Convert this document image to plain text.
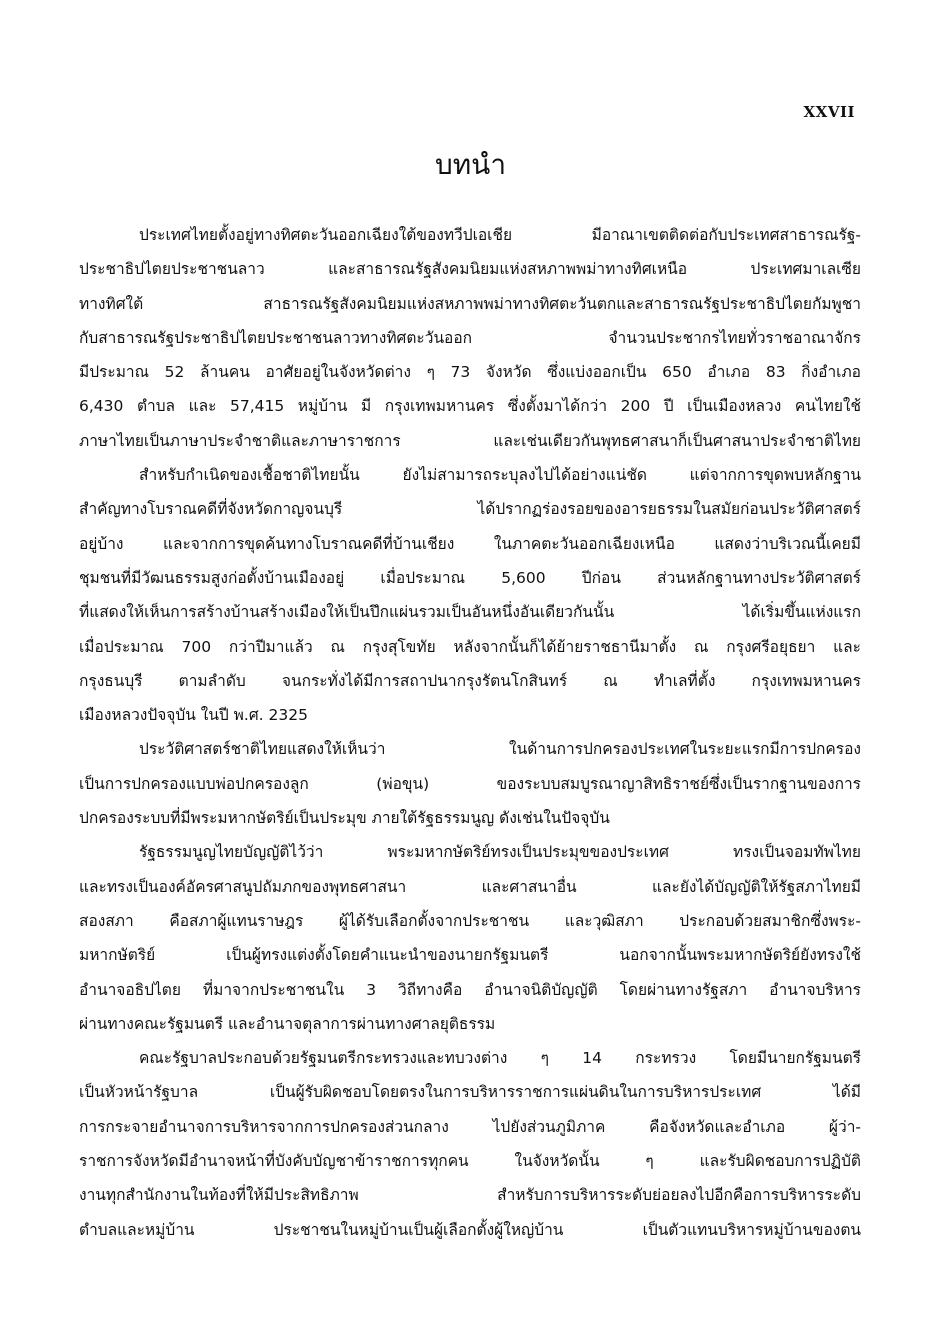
XXVII
บทนำ
ประเทศไทยตั้งอยู่ทางทิศตะวันออกเฉียงใต้ของทวีปเอเชีย มีอาณาเขตติดต่อกับประเทศสาธารณรัฐ-
ประชาธิปไตยประชาชนลาว และสาธารณรัฐสังคมนิยมแห่งสหภาพพม่าทางทิศเหนือ ประเทศมาเลเซีย
ทางทิศใต้ สาธารณรัฐสังคมนิยมแห่งสหภาพพม่าทางทิศตะวันตกและสาธารณรัฐประชาธิปไตยกัมพูชา
กับสาธารณรัฐประชาธิปไตยประชาชนลาวทางทิศตะวันออก จำนวนประชากรไทยทั่วราชอาณาจักร
มีประมาณ 52 ล้านคน อาศัยอยู่ในจังหวัดต่าง ๆ 73 จังหวัด ซึ่งแบ่งออกเป็น 650 อำเภอ 83 กิ่งอำเภอ
6,430 ตำบล และ 57,415 หมู่บ้าน มี กรุงเทพมหานคร ซึ่งตั้งมาได้กว่า 200 ปี เป็นเมืองหลวง คนไทยใช้
ภาษาไทยเป็นภาษาประจำชาติและภาษาราชการ และเช่นเดียวกันพุทธศาสนาก็เป็นศาสนาประจำชาติไทย
สำหรับกำเนิดของเชื้อชาติไทยนั้น ยังไม่สามารถระบุลงไปได้อย่างแน่ชัด แต่จากการขุดพบหลักฐาน
สำคัญทางโบราณคดีที่จังหวัดกาญจนบุรี ได้ปรากฏร่องรอยของอารยธรรมในสมัยก่อนประวัติศาสตร์
อยู่บ้าง และจากการขุดค้นทางโบราณคดีที่บ้านเชียง ในภาคตะวันออกเฉียงเหนือ แสดงว่าบริเวณนี้เคยมี
ชุมชนที่มีวัฒนธรรมสูงก่อตั้งบ้านเมืองอยู่ เมื่อประมาณ 5,600 ปีก่อน ส่วนหลักฐานทางประวัติศาสตร์
ที่แสดงให้เห็นการสร้างบ้านสร้างเมืองให้เป็นปึกแผ่นรวมเป็นอันหนึ่งอันเดียวกันนั้น ได้เริ่มขึ้นแห่งแรก
เมื่อประมาณ 700 กว่าปีมาแล้ว ณ กรุงสุโขทัย หลังจากนั้นก็ได้ย้ายราชธานีมาตั้ง ณ กรุงศรีอยุธยา และ
กรุงธนบุรี ตามลำดับ จนกระทั่งได้มีการสถาปนากรุงรัตนโกสินทร์ ณ ทำเลที่ตั้ง กรุงเทพมหานคร
เมืองหลวงปัจจุบัน ในปี พ.ศ. 2325
ประวัติศาสตร์ชาติไทยแสดงให้เห็นว่า ในด้านการปกครองประเทศในระยะแรกมีการปกครอง
เป็นการปกครองแบบพ่อปกครองลูก (พ่อขุน) ของระบบสมบูรณาญาสิทธิราชย์ซึ่งเป็นรากฐานของการ
ปกครองระบบที่มีพระมหากษัตริย์เป็นประมุข ภายใต้รัฐธรรมนูญ ดังเช่นในปัจจุบัน
รัฐธรรมนูญไทยบัญญัติไว้ว่า พระมหากษัตริย์ทรงเป็นประมุขของประเทศ ทรงเป็นจอมทัพไทย
และทรงเป็นองค์อัครศาสนูปถัมภกของพุทธศาสนา และศาสนาอื่น และยังได้บัญญัติให้รัฐสภาไทยมี
สองสภา คือสภาผู้แทนราษฎร ผู้ได้รับเลือกตั้งจากประชาชน และวุฒิสภา ประกอบด้วยสมาชิกซึ่งพระ-
มหากษัตริย์ เป็นผู้ทรงแต่งตั้งโดยคำแนะนำของนายกรัฐมนตรี นอกจากนั้นพระมหากษัตริย์ยังทรงใช้
อำนาจอธิปไตย ที่มาจากประชาชนใน 3 วิถีทางคือ อำนาจนิติบัญญัติ โดยผ่านทางรัฐสภา อำนาจบริหาร
ผ่านทางคณะรัฐมนตรี และอำนาจตุลาการผ่านทางศาลยุติธรรม
คณะรัฐบาลประกอบด้วยรัฐมนตรีกระทรวงและทบวงต่าง ๆ 14 กระทรวง โดยมีนายกรัฐมนตรี
เป็นหัวหน้ารัฐบาล เป็นผู้รับผิดชอบโดยตรงในการบริหารราชการแผ่นดินในการบริหารประเทศ ได้มี
การกระจายอำนาจการบริหารจากการปกครองส่วนกลาง ไปยังส่วนภูมิภาค คือจังหวัดและอำเภอ ผู้ว่า-
ราชการจังหวัดมีอำนาจหน้าที่บังคับบัญชาข้าราชการทุกคน ในจังหวัดนั้น ๆ และรับผิดชอบการปฏิบัติ
งานทุกสำนักงานในท้องที่ให้มีประสิทธิภาพ สำหรับการบริหารระดับย่อยลงไปอีกคือการบริหารระดับ
ตำบลและหมู่บ้าน ประชาชนในหมู่บ้านเป็นผู้เลือกตั้งผู้ใหญ่บ้าน เป็นตัวแทนบริหารหมู่บ้านของตน
